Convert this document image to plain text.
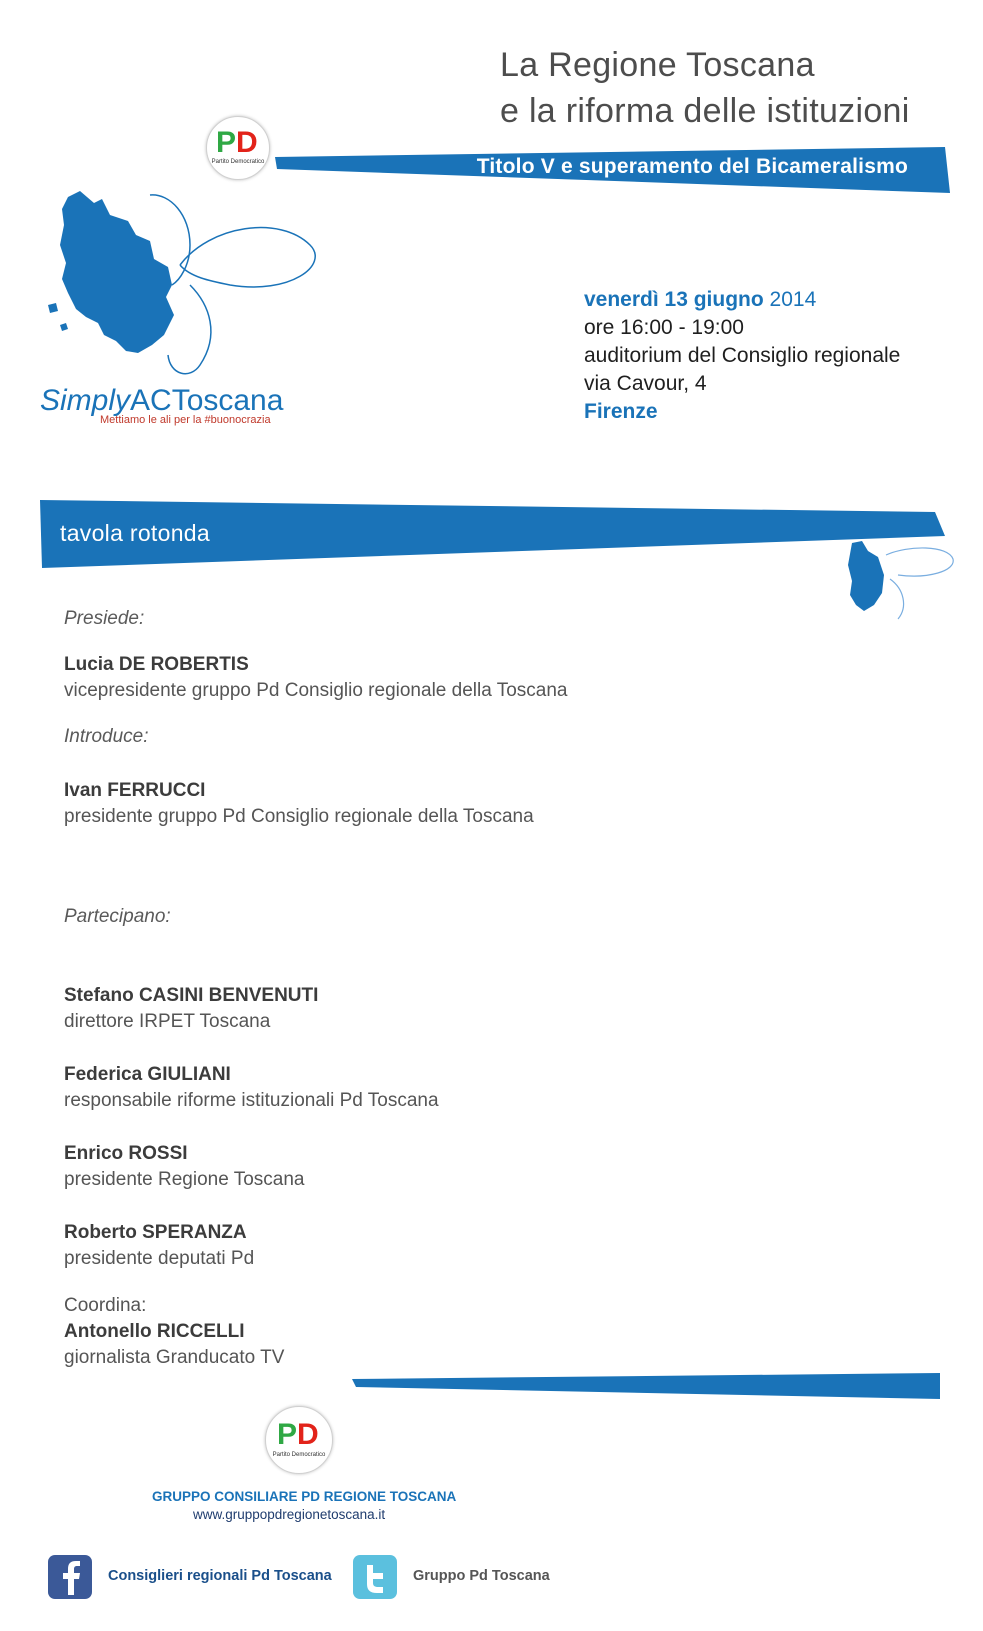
La Regione Toscana
e la riforma delle istituzioni
PD
Partito Democratico	Titolo V e superamento del Bicameralismo
SimplyACToscana
Mettiamo le ali per la #buonocrazia
venerdì 13 giugno 2014
ore 16:00 - 19:00
auditorium del Consiglio regionale
via Cavour, 4
Firenze
tavola rotonda
Presiede:
Lucia DE ROBERTIS
vicepresidente gruppo Pd Consiglio regionale della Toscana
Introduce:
Ivan FERRUCCI
presidente gruppo Pd Consiglio regionale della Toscana
Partecipano:
Stefano CASINI BENVENUTI
direttore IRPET Toscana
Federica GIULIANI
responsabile riforme istituzionali Pd Toscana
Enrico ROSSI
presidente Regione Toscana
Roberto SPERANZA
presidente deputati Pd
Coordina:
Antonello RICCELLI
giornalista Granducato TV
PD
Partito Democratico
GRUPPO CONSILIARE PD REGIONE TOSCANA
www.gruppopdregionetoscana.it
Consiglieri regionali Pd Toscana	Gruppo Pd Toscana
